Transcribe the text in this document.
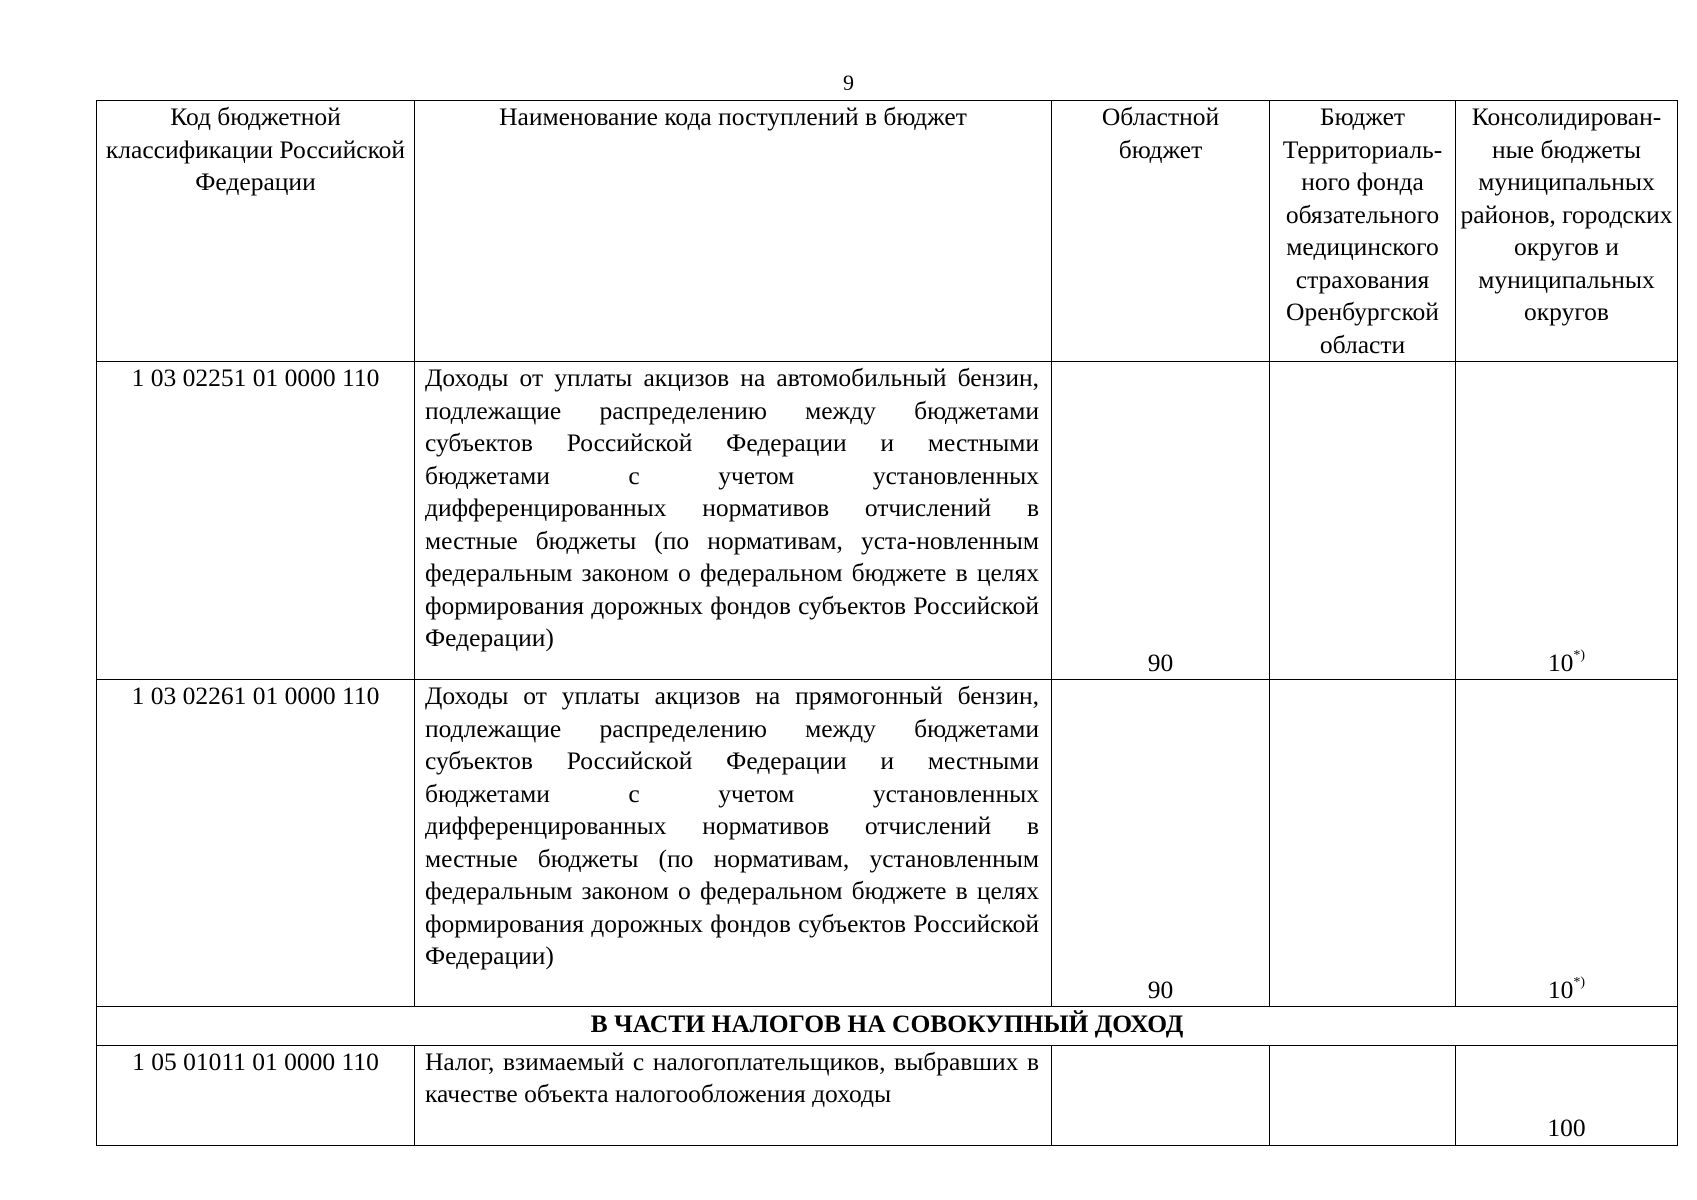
9
Код бюджетной классификации Российской Федерации	Наименование кода поступлений в бюджет	Областной бюджет	Бюджет Территориаль-ного фонда обязательного медицинского страхования Оренбургской области	Консолидирован-ные бюджеты муниципальных районов, городских округов и муниципальных округов
1 03 02251 01 0000 110	Доходы от уплаты акцизов на автомобильный бензин, подлежащие распределению между бюджетами субъектов Российской Федерации и местными бюджетами с учетом установленных дифференцированных нормативов отчислений в местные бюджеты (по нормативам, уста-новленным федеральным законом о федеральном бюджете в целях формирования дорожных фондов субъектов Российской Федерации)	90		10*)
1 03 02261 01 0000 110	Доходы от уплаты акцизов на прямогонный бензин, подлежащие распределению между бюджетами субъектов Российской Федерации и местными бюджетами с учетом установленных дифференцированных нормативов отчислений в местные бюджеты (по нормативам, установленным федеральным законом о федеральном бюджете в целях формирования дорожных фондов субъектов Российской Федерации)	90		10*)
В ЧАСТИ НАЛОГОВ НА СОВОКУПНЫЙ ДОХОД				
1 05 01011 01 0000 110	Налог, взимаемый с налогоплательщиков, выбравших в качестве объекта налогообложения доходы			100
